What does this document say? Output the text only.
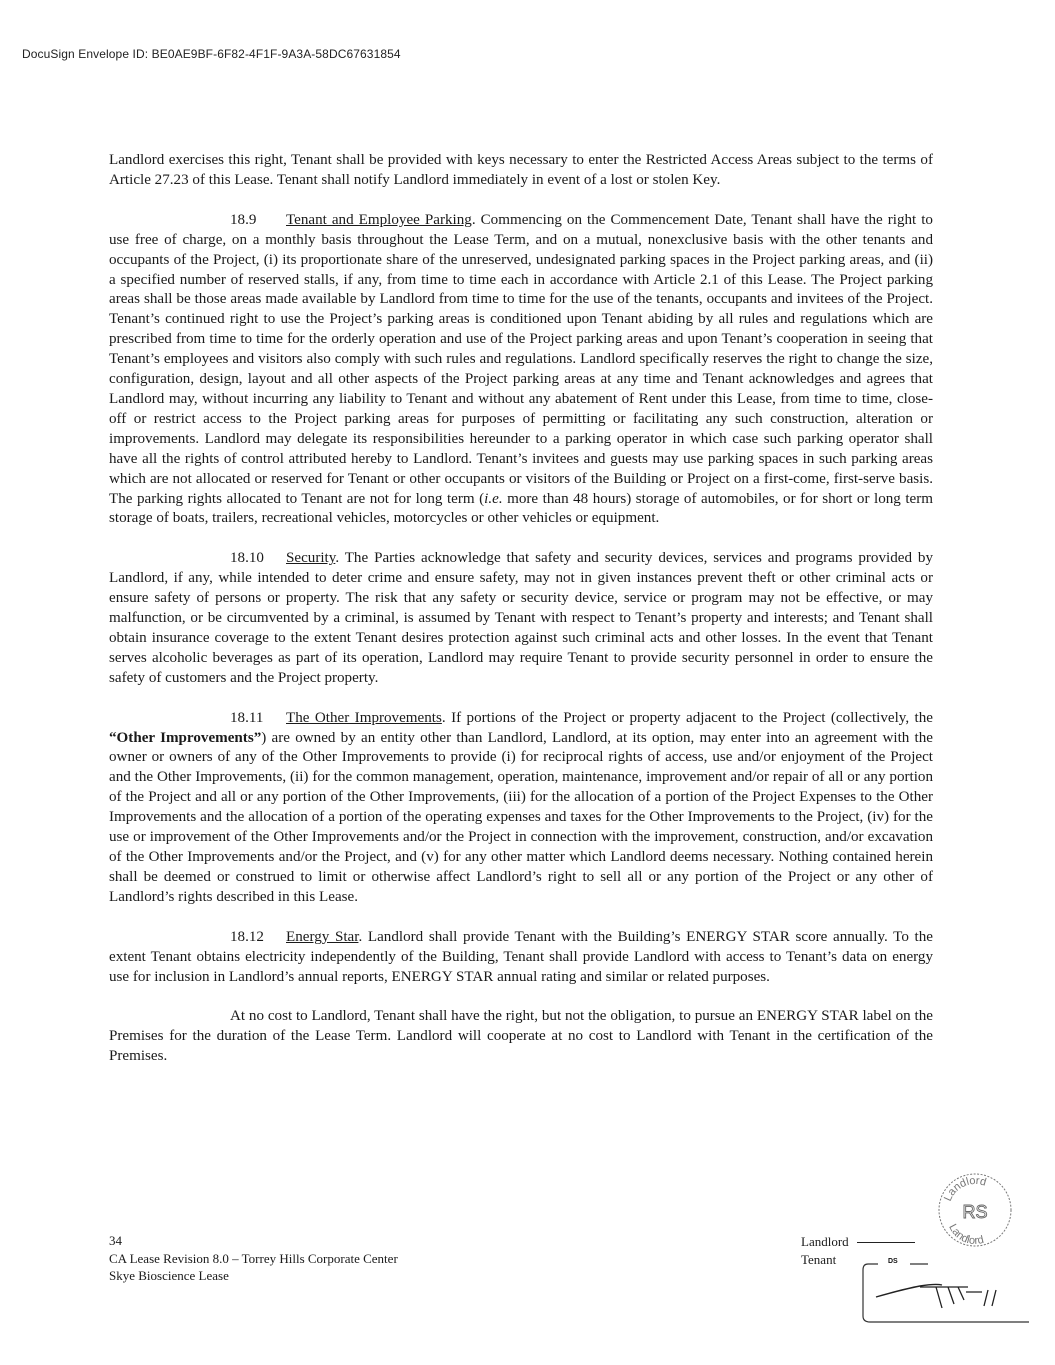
DocuSign Envelope ID: BE0AE9BF-6F82-4F1F-9A3A-58DC67631854

Landlord exercises this right, Tenant shall be provided with keys necessary to enter the Restricted Access Areas subject to the terms of Article 27.23 of this Lease. Tenant shall notify Landlord immediately in event of a lost or stolen Key.

18.9 Tenant and Employee Parking. Commencing on the Commencement Date, Tenant shall have the right to use free of charge, on a monthly basis throughout the Lease Term, and on a mutual, nonexclusive basis with the other tenants and occupants of the Project, (i) its proportionate share of the unreserved, undesignated parking spaces in the Project parking areas, and (ii) a specified number of reserved stalls, if any, from time to time each in accordance with Article 2.1 of this Lease. The Project parking areas shall be those areas made available by Landlord from time to time for the use of the tenants, occupants and invitees of the Project. Tenant’s continued right to use the Project’s parking areas is conditioned upon Tenant abiding by all rules and regulations which are prescribed from time to time for the orderly operation and use of the Project parking areas and upon Tenant’s cooperation in seeing that Tenant’s employees and visitors also comply with such rules and regulations. Landlord specifically reserves the right to change the size, configuration, design, layout and all other aspects of the Project parking areas at any time and Tenant acknowledges and agrees that Landlord may, without incurring any liability to Tenant and without any abatement of Rent under this Lease, from time to time, close-off or restrict access to the Project parking areas for purposes of permitting or facilitating any such construction, alteration or improvements. Landlord may delegate its responsibilities hereunder to a parking operator in which case such parking operator shall have all the rights of control attributed hereby to Landlord. Tenant’s invitees and guests may use parking spaces in such parking areas which are not allocated or reserved for Tenant or other occupants or visitors of the Building or Project on a first-come, first-serve basis. The parking rights allocated to Tenant are not for long term (i.e. more than 48 hours) storage of automobiles, or for short or long term storage of boats, trailers, recreational vehicles, motorcycles or other vehicles or equipment.

18.10 Security. The Parties acknowledge that safety and security devices, services and programs provided by Landlord, if any, while intended to deter crime and ensure safety, may not in given instances prevent theft or other criminal acts or ensure safety of persons or property. The risk that any safety or security device, service or program may not be effective, or may malfunction, or be circumvented by a criminal, is assumed by Tenant with respect to Tenant’s property and interests; and Tenant shall obtain insurance coverage to the extent Tenant desires protection against such criminal acts and other losses. In the event that Tenant serves alcoholic beverages as part of its operation, Landlord may require Tenant to provide security personnel in order to ensure the safety of customers and the Project property.

18.11 The Other Improvements. If portions of the Project or property adjacent to the Project (collectively, the “Other Improvements”) are owned by an entity other than Landlord, Landlord, at its option, may enter into an agreement with the owner or owners of any of the Other Improvements to provide (i) for reciprocal rights of access, use and/or enjoyment of the Project and the Other Improvements, (ii) for the common management, operation, maintenance, improvement and/or repair of all or any portion of the Project and all or any portion of the Other Improvements, (iii) for the allocation of a portion of the Project Expenses to the Other Improvements and the allocation of a portion of the operating expenses and taxes for the Other Improvements to the Project, (iv) for the use or improvement of the Other Improvements and/or the Project in connection with the improvement, construction, and/or excavation of the Other Improvements and/or the Project, and (v) for any other matter which Landlord deems necessary. Nothing contained herein shall be deemed or construed to limit or otherwise affect Landlord’s right to sell all or any portion of the Project or any other of Landlord’s rights described in this Lease.

18.12 Energy Star. Landlord shall provide Tenant with the Building’s ENERGY STAR score annually. To the extent Tenant obtains electricity independently of the Building, Tenant shall provide Landlord with access to Tenant’s data on energy use for inclusion in Landlord’s annual reports, ENERGY STAR annual rating and similar or related purposes.

At no cost to Landlord, Tenant shall have the right, but not the obligation, to pursue an ENERGY STAR label on the Premises for the duration of the Lease Term. Landlord will cooperate at no cost to Landlord with Tenant in the certification of the Premises.

34
CA Lease Revision 8.0 – Torrey Hills Corporate Center
Skye Bioscience Lease
Landlord
Tenant
Landlord
RS
Landlord
DS
